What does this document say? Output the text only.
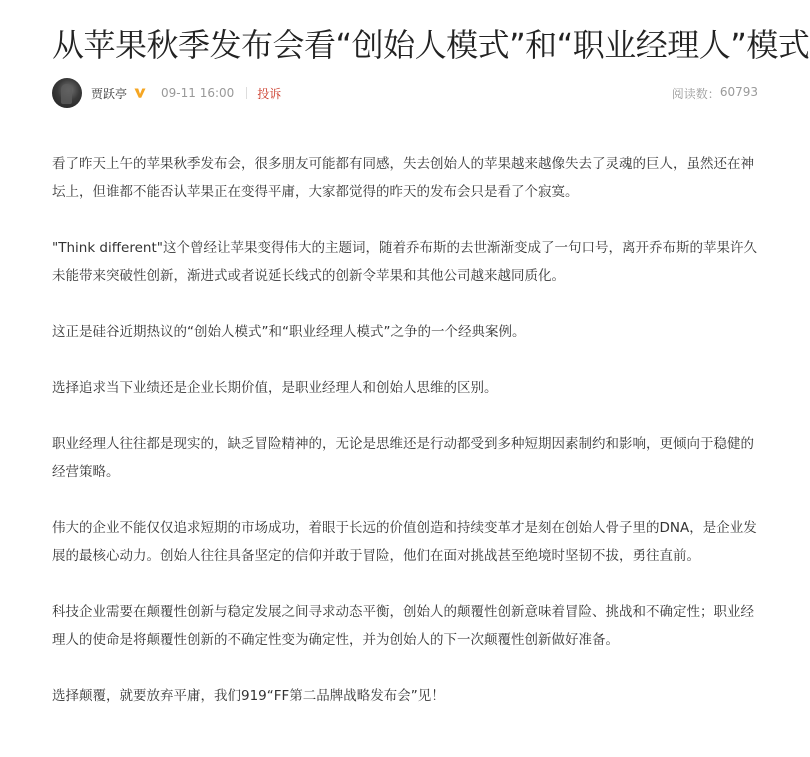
从苹果秋季发布会看“创始人模式”和“职业经理人”模式
贾跃亭	09-11 16:00 投诉	阅读数： 60793

看了昨天上午的苹果秋季发布会，很多朋友可能都有同感，失去创始人的苹果越来越像失去了灵魂的巨人，虽然还在神坛上，但谁都不能否认苹果正在变得平庸，大家都觉得的昨天的发布会只是看了个寂寞。

"Think different"这个曾经让苹果变得伟大的主题词，随着乔布斯的去世渐渐变成了一句口号，离开乔布斯的苹果许久未能带来突破性创新，渐进式或者说延长线式的创新令苹果和其他公司越来越同质化。

这正是硅谷近期热议的“创始人模式”和“职业经理人模式”之争的一个经典案例。

选择追求当下业绩还是企业长期价值，是职业经理人和创始人思维的区别。

职业经理人往往都是现实的，缺乏冒险精神的，无论是思维还是行动都受到多种短期因素制约和影响，更倾向于稳健的经营策略。

伟大的企业不能仅仅追求短期的市场成功，着眼于长远的价值创造和持续变革才是刻在创始人骨子里的DNA，是企业发展的最核心动力。创始人往往具备坚定的信仰并敢于冒险，他们在面对挑战甚至绝境时坚韧不拔，勇往直前。

科技企业需要在颠覆性创新与稳定发展之间寻求动态平衡，创始人的颠覆性创新意味着冒险、挑战和不确定性；职业经理人的使命是将颠覆性创新的不确定性变为确定性，并为创始人的下一次颠覆性创新做好准备。

选择颠覆，就要放弃平庸，我们919“FF第二品牌战略发布会”见！
